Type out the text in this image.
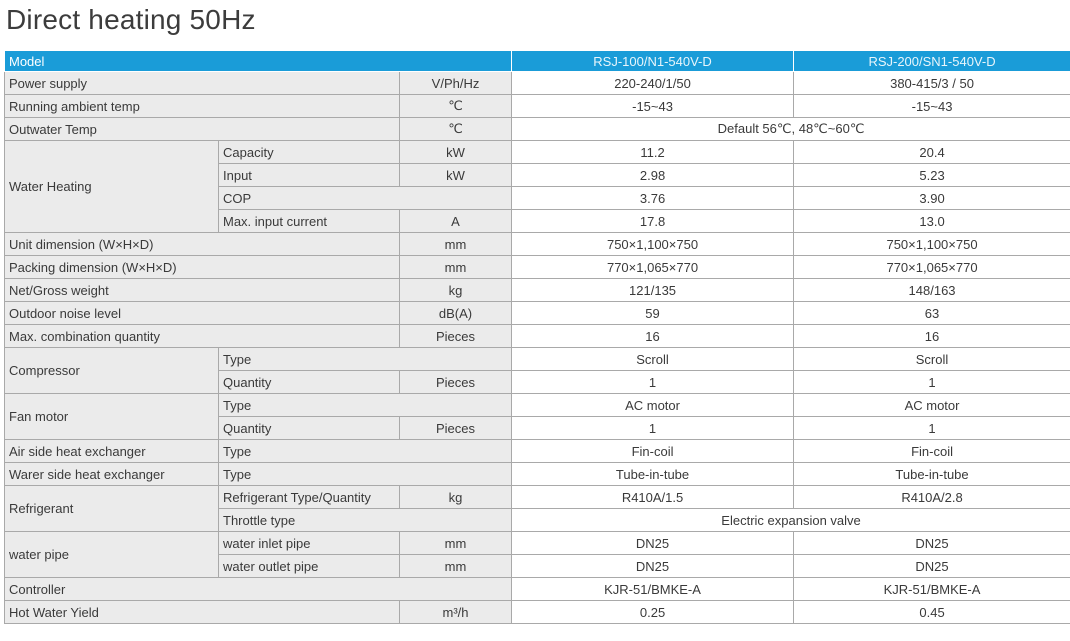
Direct heating 50Hz
Model			RSJ-100/N1-540V-D	RSJ-200/SN1-540V-D
Power supply		V/Ph/Hz	220-240/1/50	380-415/3 / 50
Running ambient temp		℃	-15~43	-15~43
Outwater Temp		℃	Default 56℃, 48℃~60℃	
Water Heating	Capacity	kW	11.2	20.4
	Input	kW	2.98	5.23
	COP		3.76	3.90
	Max. input current	A	17.8	13.0
Unit dimension (W×H×D)		mm	750×1,100×750	750×1,100×750
Packing dimension (W×H×D)		mm	770×1,065×770	770×1,065×770
Net/Gross weight		kg	121/135	148/163
Outdoor noise level		dB(A)	59	63
Max. combination quantity		Pieces	16	16
Compressor	Type		Scroll	Scroll
	Quantity	Pieces	1	1
Fan motor	Type		AC motor	AC motor
	Quantity	Pieces	1	1
Air side heat exchanger	Type		Fin-coil	Fin-coil
Warer side heat exchanger	Type		Tube-in-tube	Tube-in-tube
Refrigerant	Refrigerant Type/Quantity	kg	R410A/1.5	R410A/2.8
	Throttle type		Electric expansion valve	
water pipe	water inlet pipe	mm	DN25	DN25
	water outlet pipe	mm	DN25	DN25
Controller			KJR-51/BMKE-A	KJR-51/BMKE-A
Hot Water Yield		m³/h	0.25	0.45
